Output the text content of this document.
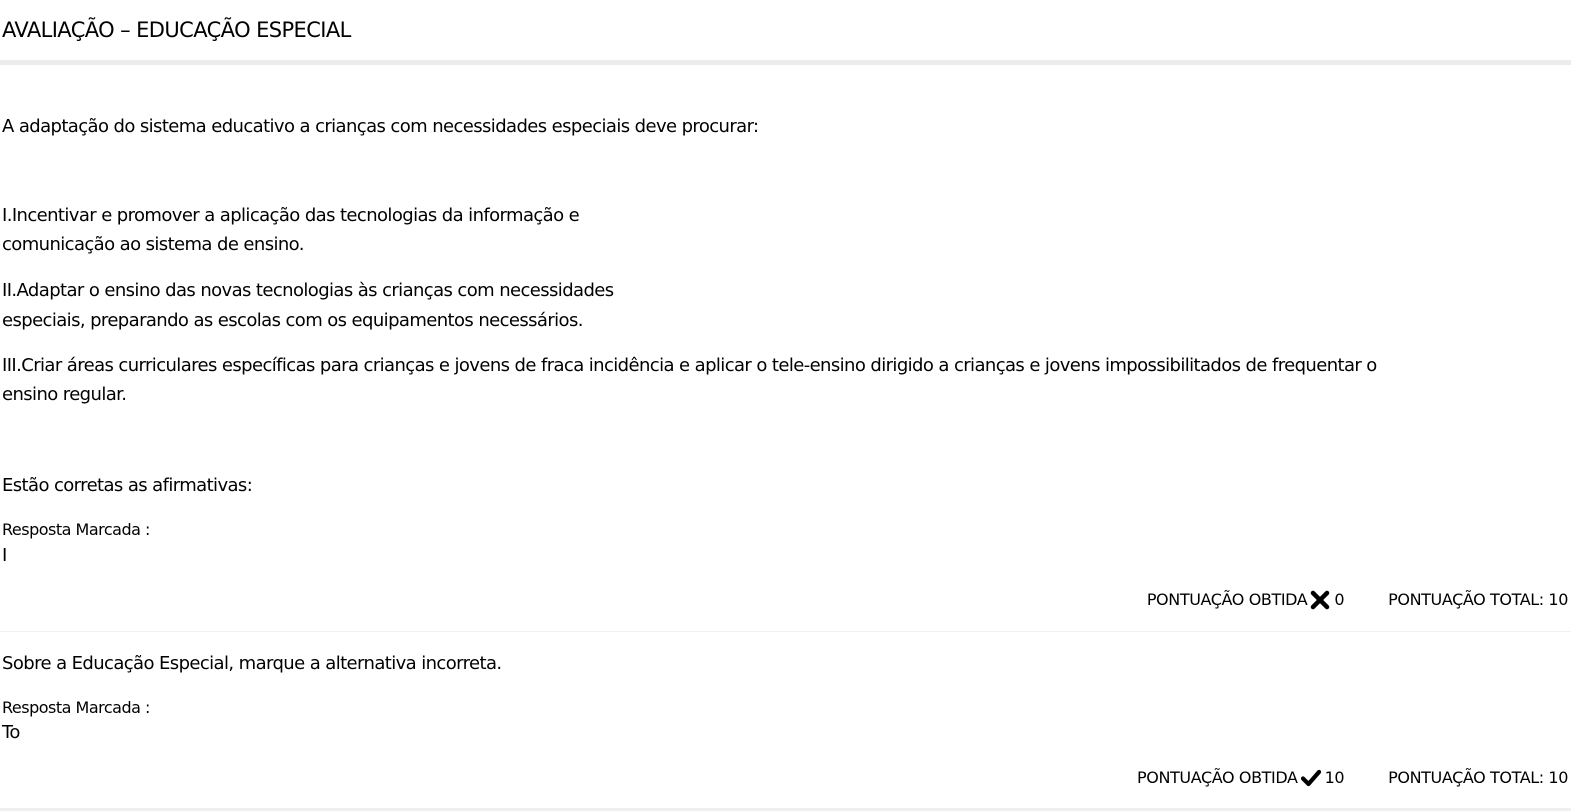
AVALIAÇÃO – EDUCAÇÃO ESPECIAL
A adaptação do sistema educativo a crianças com necessidades especiais deve procurar:
I.Incentivar e promover a aplicação das tecnologias da informação e
comunicação ao sistema de ensino.
II.Adaptar o ensino das novas tecnologias às crianças com necessidades
especiais, preparando as escolas com os equipamentos necessários.
III.Criar áreas curriculares específicas para crianças e jovens de fraca incidência e aplicar o tele-ensino dirigido a crianças e jovens impossibilitados de frequentar o
ensino regular.
Estão corretas as afirmativas:
Resposta Marcada :
I
PONTUAÇÃO OBTIDA 0	PONTUAÇÃO TOTAL: 10
Sobre a Educação Especial, marque a alternativa incorreta.
Resposta Marcada :
To
PONTUAÇÃO OBTIDA 10	PONTUAÇÃO TOTAL: 10
